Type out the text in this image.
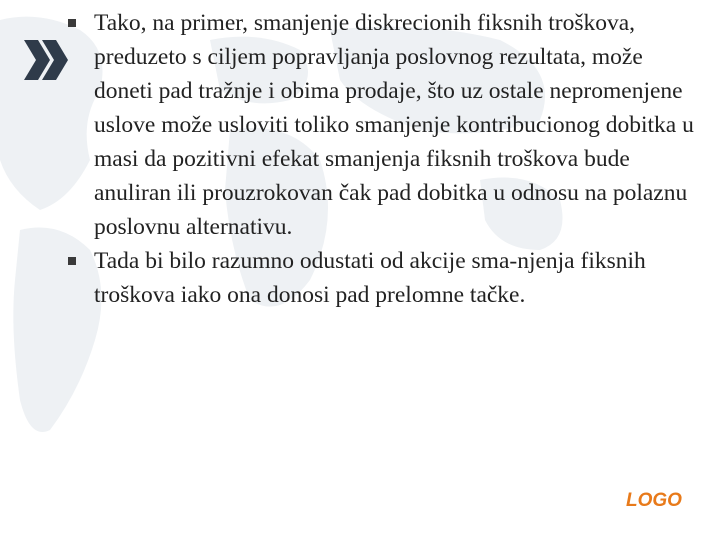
Tako, na primer, smanjenje diskrecionih fiksnih troškova, preduzeto s ciljem popravljanja poslovnog rezultata, može doneti pad tražnje i obima prodaje, što uz ostale nepromenjene uslove može usloviti toliko smanjenje kontribucionog dobitka u masi da pozitivni efekat smanjenja fiksnih troškova bude anuliran ili prouzrokovan čak pad dobitka u odnosu na polaznu poslovnu alternativu.

Tada bi bilo razumno odustati od akcije sma-njenja fiksnih troškova iako ona donosi pad prelomne tačke.

LOGO
